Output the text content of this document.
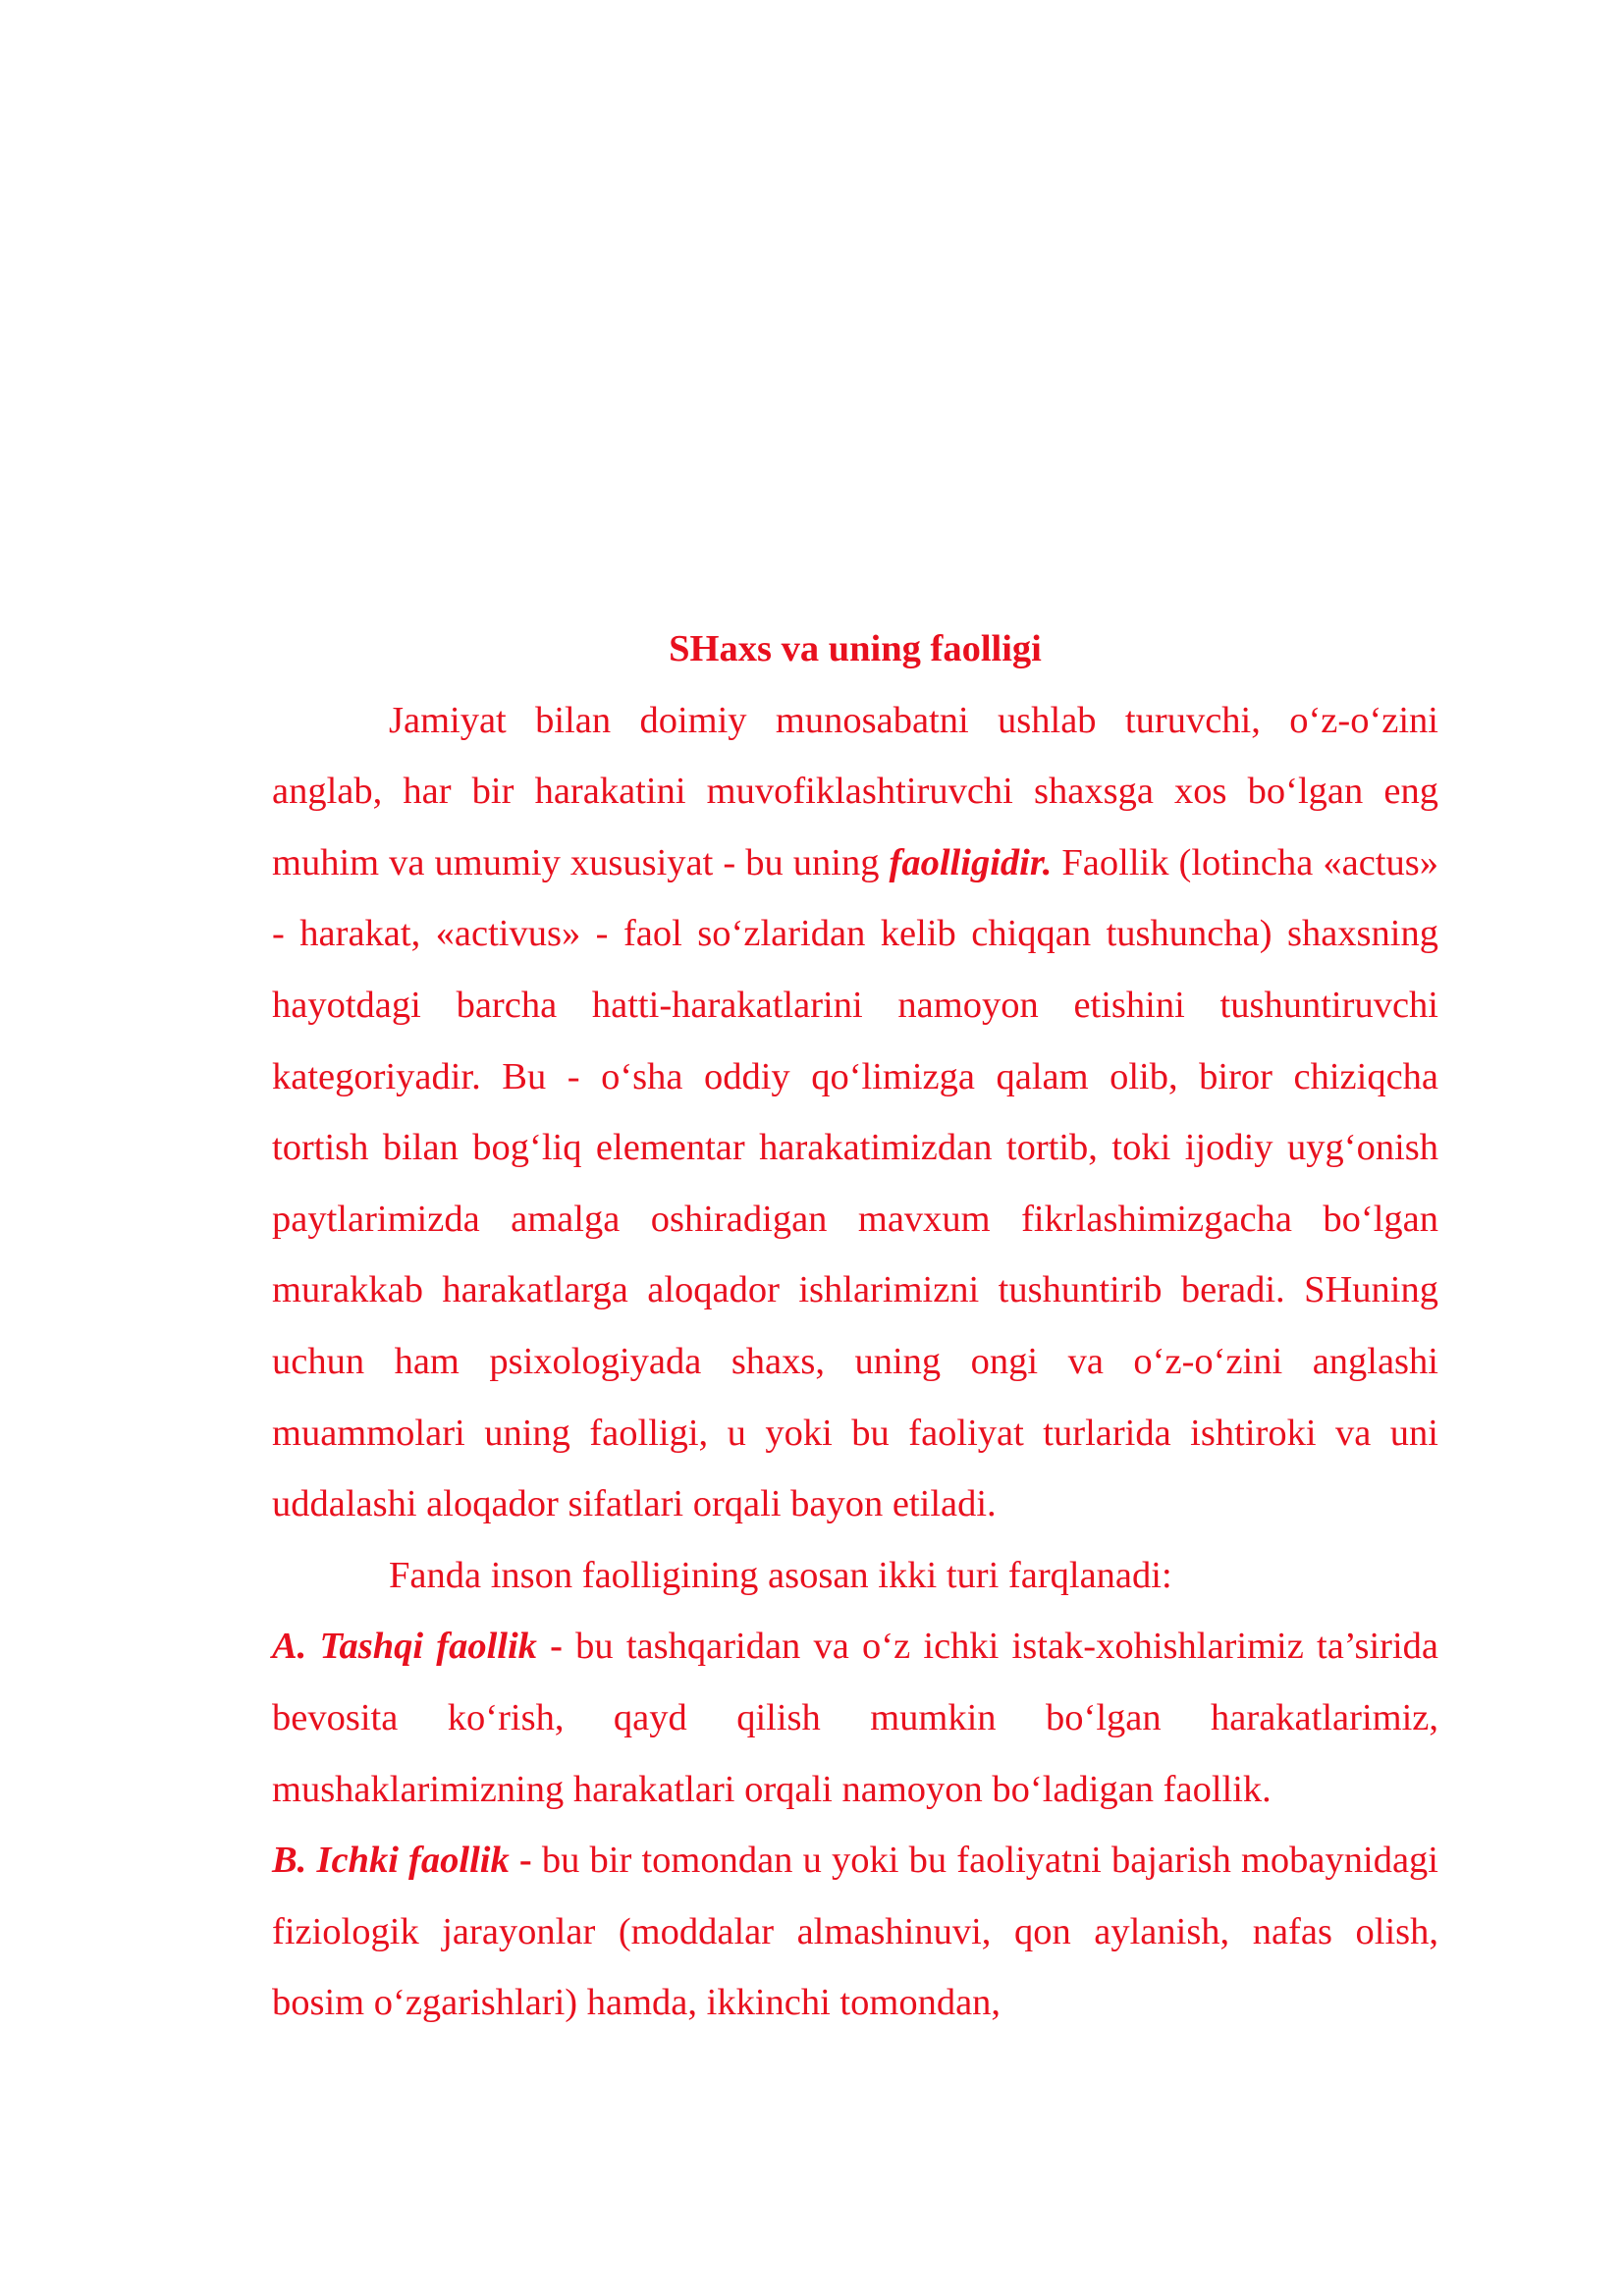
SHaxs va uning faolligi

Jamiyat bilan doimiy munosabatni ushlab turuvchi, o‘z-o‘zini anglab, har bir harakatini muvofiklashtiruvchi shaxsga xos bo‘lgan eng muhim va umumiy xususiyat - bu uning faolligidir. Faollik (lotincha «actus» - harakat, «activus» - faol so‘zlaridan kelib chiqqan tushuncha) shaxsning hayotdagi barcha hatti-harakatlarini namoyon etishini tushuntiruvchi kategoriyadir. Bu - o‘sha oddiy qo‘limizga qalam olib, biror chiziqcha tortish bilan bog‘liq elementar harakatimizdan tortib, toki ijodiy uyg‘onish paytlarimizda amalga oshiradigan mavxum fikrlashimizgacha bo‘lgan murakkab harakatlarga aloqador ishlarimizni tushuntirib beradi. SHuning uchun ham psixologiyada shaxs, uning ongi va o‘z-o‘zini anglashi muammolari uning faolligi, u yoki bu faoliyat turlarida ishtiroki va uni uddalashi aloqador sifatlari orqali bayon etiladi.

Fanda inson faolligining asosan ikki turi farqlanadi:

A. Tashqi faollik - bu tashqaridan va o‘z ichki istak-xohishlarimiz ta’sirida bevosita ko‘rish, qayd qilish mumkin bo‘lgan harakatlarimiz, mushaklarimizning harakatlari orqali namoyon bo‘ladigan faollik.

B. Ichki faollik - bu bir tomondan u yoki bu faoliyatni bajarish mobaynidagi fiziologik jarayonlar (moddalar almashinuvi, qon aylanish, nafas olish, bosim o‘zgarishlari) hamda, ikkinchi tomondan,
